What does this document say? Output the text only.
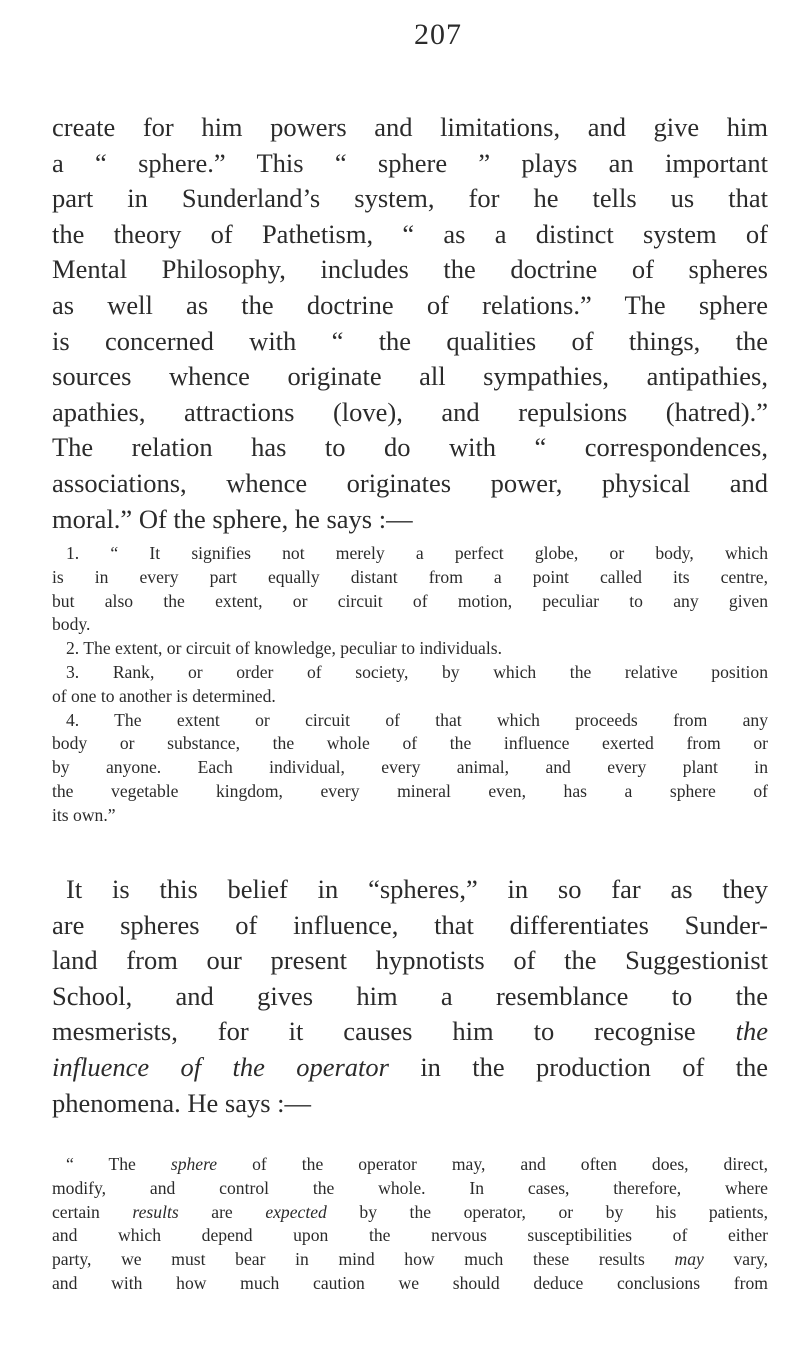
207
create for him powers and limitations, and give him
a “ sphere.” This “ sphere ” plays an important
part in Sunderland’s system, for he tells us that
the theory of Pathetism, “ as a distinct system of
Mental Philosophy, includes the doctrine of spheres
as well as the doctrine of relations.” The sphere
is concerned with “ the qualities of things, the
sources whence originate all sympathies, antipathies,
apathies, attractions (love), and repulsions (hatred).”
The relation has to do with “ correspondences,
associations, whence originates power, physical and
moral.” Of the sphere, he says :—
1. “ It signifies not merely a perfect globe, or body, which
is in every part equally distant from a point called its centre,
but also the extent, or circuit of motion, peculiar to any given
body.
2. The extent, or circuit of knowledge, peculiar to individuals.
3. Rank, or order of society, by which the relative position
of one to another is determined.
4. The extent or circuit of that which proceeds from any
body or substance, the whole of the influence exerted from or
by anyone. Each individual, every animal, and every plant in
the vegetable kingdom, every mineral even, has a sphere of
its own.”
It is this belief in “spheres,” in so far as they
are spheres of influence, that differentiates Sunder-
land from our present hypnotists of the Suggestionist
School, and gives him a resemblance to the
mesmerists, for it causes him to recognise the
influence of the operator in the production of the
phenomena. He says :—
“ The sphere of the operator may, and often does, direct,
modify, and control the whole. In cases, therefore, where
certain results are expected by the operator, or by his patients,
and which depend upon the nervous susceptibilities of either
party, we must bear in mind how much these results may vary,
and with how much caution we should deduce conclusions from
